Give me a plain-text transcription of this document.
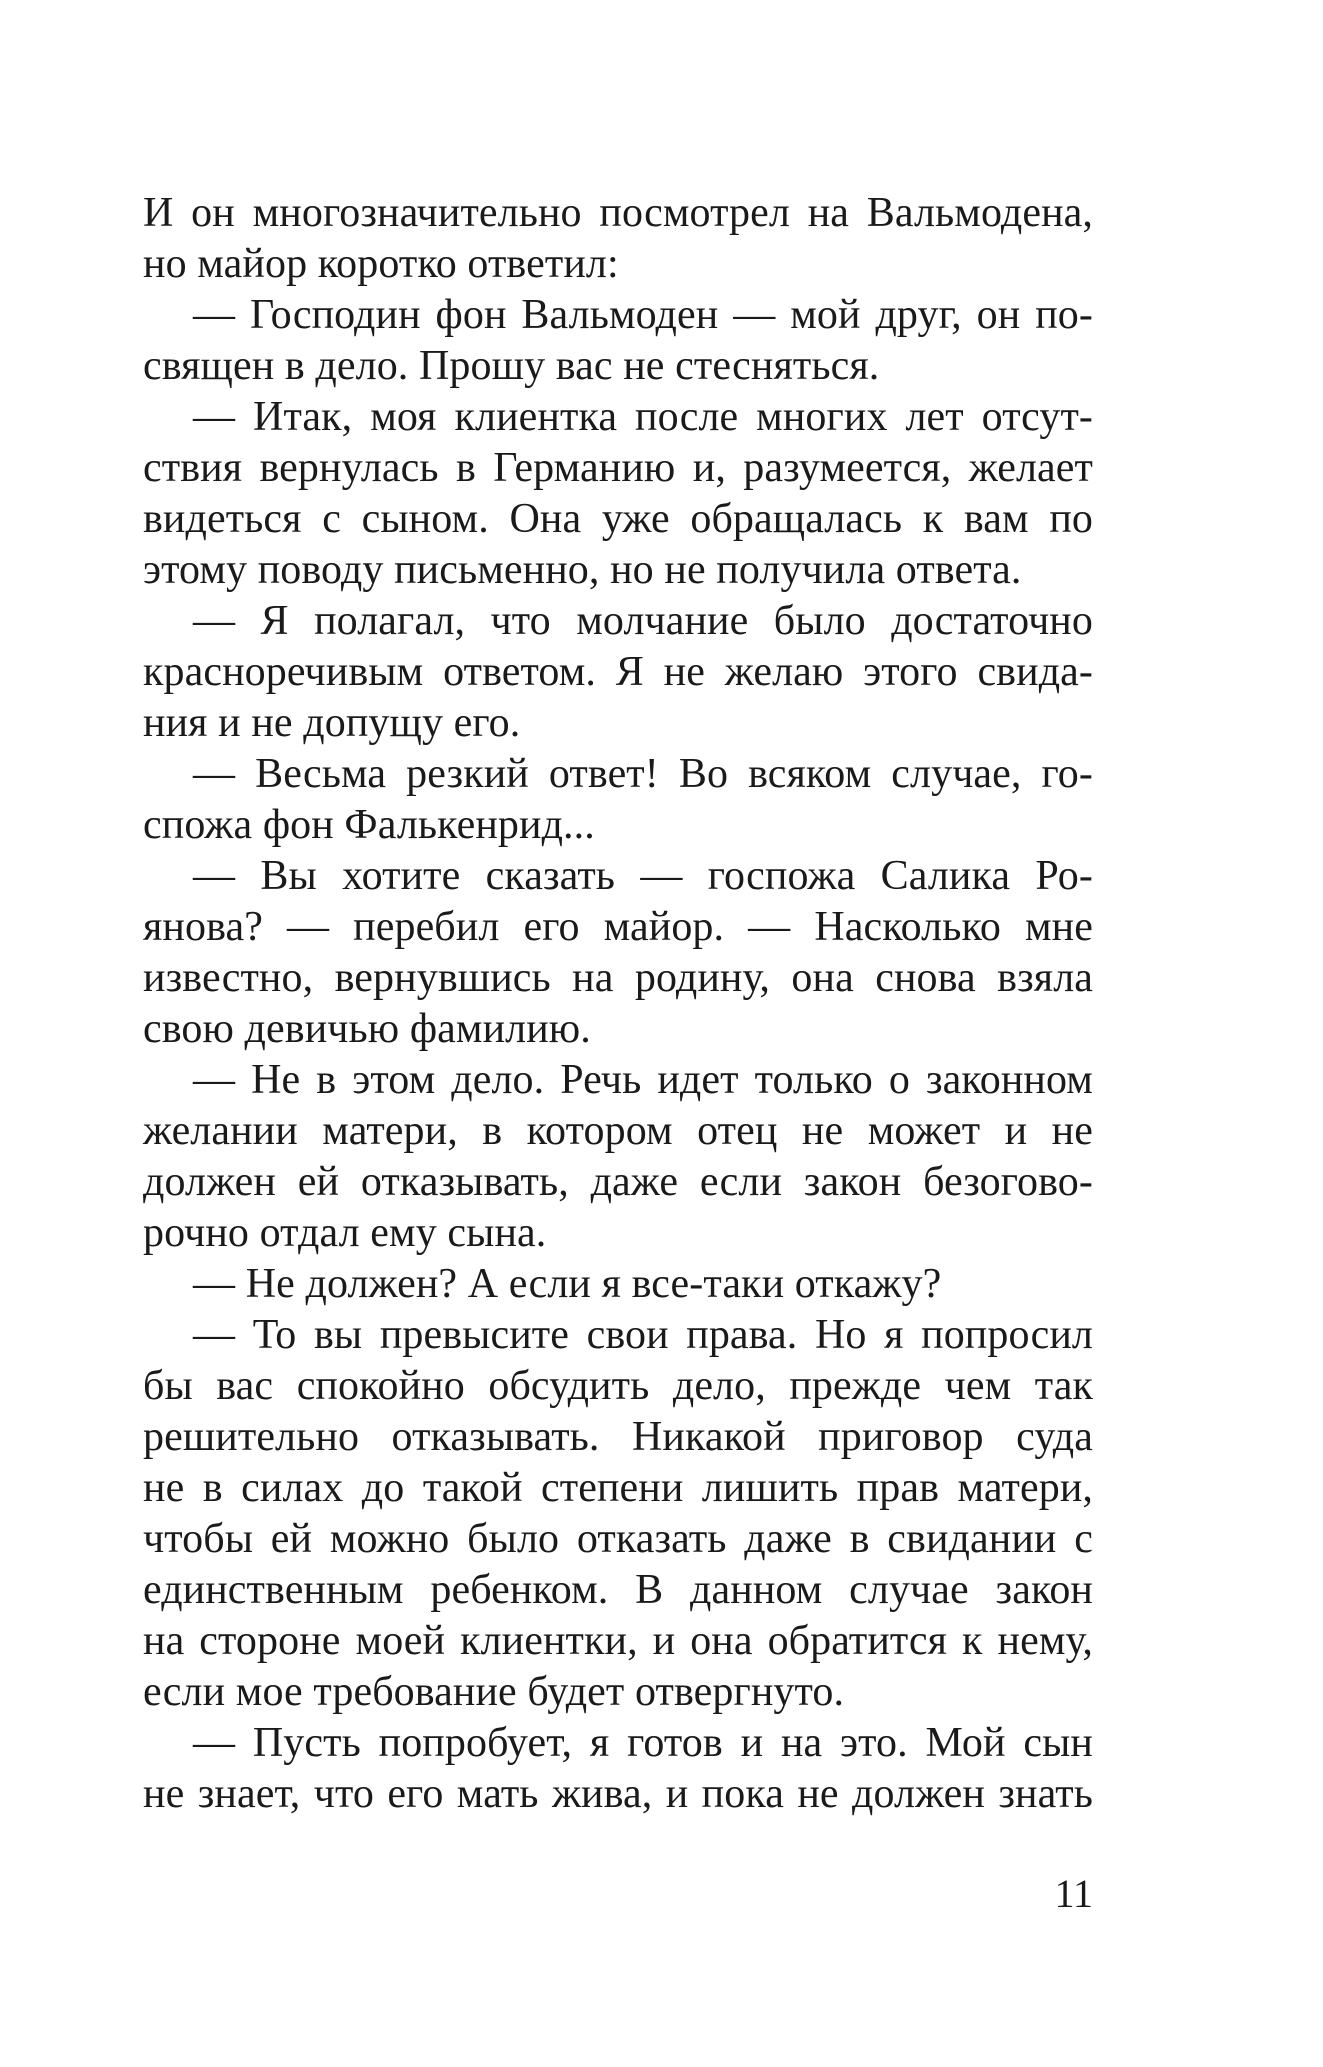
И он многозначительно посмотрел на Вальмодена,
но майор коротко ответил:
— Господин фон Вальмоден — мой друг, он по-
священ в дело. Прошу вас не стесняться.
— Итак, моя клиентка после многих лет отсут-
ствия вернулась в Германию и, разумеется, желает
видеться с сыном. Она уже обращалась к вам по
этому поводу письменно, но не получила ответа.
— Я полагал, что молчание было достаточно
красноречивым ответом. Я не желаю этого свида-
ния и не допущу его.
— Весьма резкий ответ! Во всяком случае, го-
спожа фон Фалькенрид...
— Вы хотите сказать — госпожа Салика Ро-
янова? — перебил его майор. — Насколько мне
известно, вернувшись на родину, она снова взяла
свою девичью фамилию.
— Не в этом дело. Речь идет только о законном
желании матери, в котором отец не может и не
должен ей отказывать, даже если закон безогово-
рочно отдал ему сына.
— Не должен? А если я все-таки откажу?
— То вы превысите свои права. Но я попросил
бы вас спокойно обсудить дело, прежде чем так
решительно отказывать. Никакой приговор суда
не в силах до такой степени лишить прав матери,
чтобы ей можно было отказать даже в свидании с
единственным ребенком. В данном случае закон
на стороне моей клиентки, и она обратится к нему,
если мое требование будет отвергнуто.
— Пусть попробует, я готов и на это. Мой сын
не знает, что его мать жива, и пока не должен знать
11
